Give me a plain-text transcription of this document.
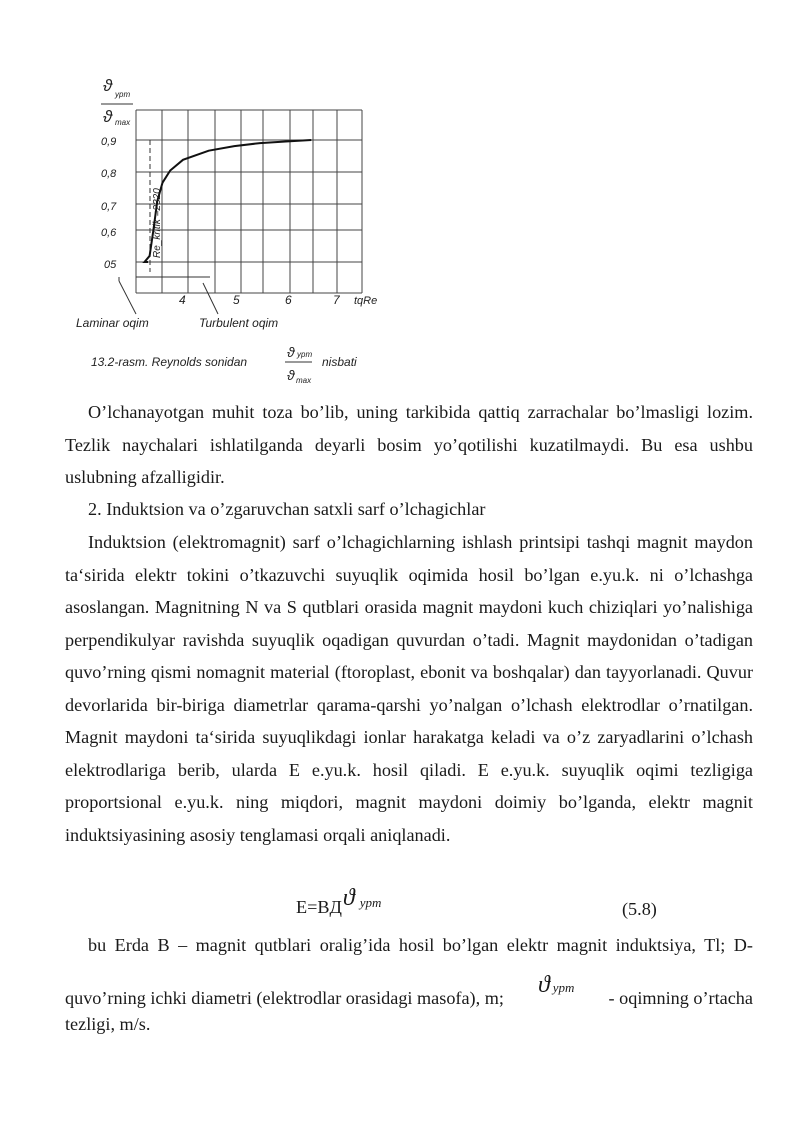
ϑ ypm
ϑ max
0,9
0,8
0,7
0,6
05
4	5	6	7 tqRe
Re_kritik =2320
Laminar oqim	Turbulent oqim
13.2-rasm. Reynolds sonidan
ϑ ypm
ϑ max
nisbati

O’lchanayotgan muhit toza bo’lib, uning tarkibida qattiq zarrachalar bo’lmasligi lozim. Tezlik naychalari ishlatilganda deyarli bosim yo’qotilishi kuzatilmaydi. Bu esa ushbu uslubning afzalligidir.

2. Induktsion va o’zgaruvchan satxli sarf o’lchagichlar

Induktsion (elektromagnit) sarf o’lchagichlarning ishlash printsipi tashqi magnit maydon ta‘sirida elektr tokini o’tkazuvchi suyuqlik oqimida hosil bo’lgan e.yu.k. ni o’lchashga asoslangan. Magnitning N va S qutblari orasida magnit maydoni kuch chiziqlari yo’nalishiga perpendikulyar ravishda suyuqlik oqadigan quvurdan o’tadi. Magnit maydonidan o’tadigan quvo’rning qismi nomagnit material (ftoroplast, ebonit va boshqalar) dan tayyorlanadi. Quvur devorlarida bir-biriga diametrlar qarama-qarshi yo’nalgan o’lchash elektrodlar o’rnatilgan. Magnit maydoni ta‘sirida suyuqlikdagi ionlar harakatga keladi va o’z zaryadlarini o’lchash elektrodlariga berib, ularda E e.yu.k. hosil qiladi. E e.yu.k. suyuqlik oqimi tezligiga proportsional e.yu.k. ning miqdori, magnit maydoni doimiy bo’lganda, elektr magnit induktsiyasining asosiy tenglamasi orqali aniqlanadi.

E=BДϑ $^{ypm}$	(5.8)
bu Erda B – magnit qutblari oralig’ida hosil bo’lgan elektr magnit induktsiya, Tl; D-
quvo’rning ichki diametri (elektrodlar orasidagi masofa), m; ϑ $^{ypm}$
- oqimning o’rtacha
tezligi, m/s.
